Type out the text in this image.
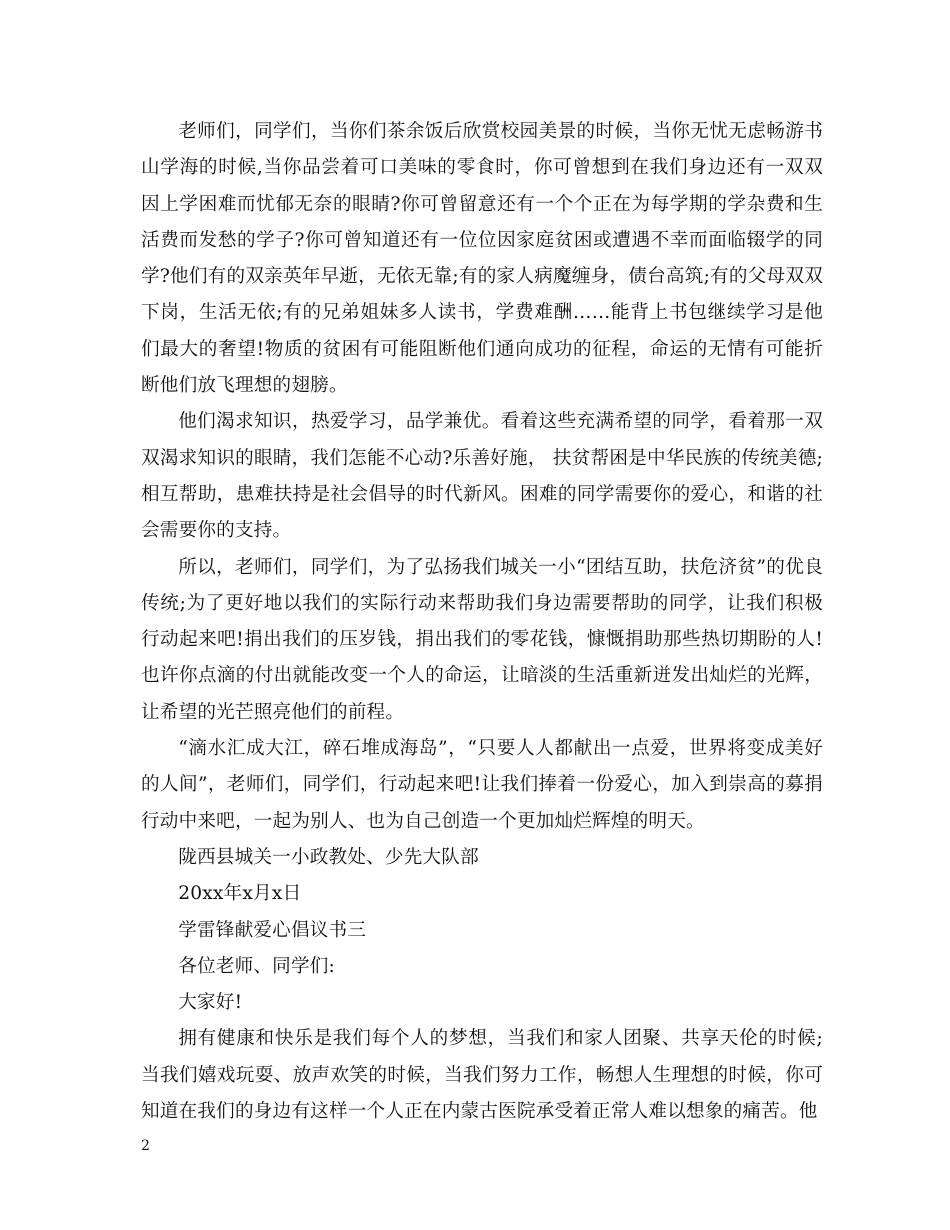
老师们，同学们，当你们茶余饭后欣赏校园美景的时候，当你无忧无虑畅游书山学海的时候,当你品尝着可口美味的零食时，你可曾想到在我们身边还有一双双因上学困难而忧郁无奈的眼睛?你可曾留意还有一个个正在为每学期的学杂费和生活费而发愁的学子?你可曾知道还有一位位因家庭贫困或遭遇不幸而面临辍学的同学?他们有的双亲英年早逝，无依无靠;有的家人病魔缠身，债台高筑;有的父母双双下岗，生活无依;有的兄弟姐妹多人读书，学费难酬……能背上书包继续学习是他们最大的奢望!物质的贫困有可能阻断他们通向成功的征程，命运的无情有可能折断他们放飞理想的翅膀。

他们渴求知识，热爱学习，品学兼优。看着这些充满希望的同学，看着那一双双渴求知识的眼睛，我们怎能不心动?乐善好施， 扶贫帮困是中华民族的传统美德;相互帮助，患难扶持是社会倡导的时代新风。困难的同学需要你的爱心，和谐的社会需要你的支持。

所以，老师们，同学们，为了弘扬我们城关一小“团结互助，扶危济贫”的优良传统;为了更好地以我们的实际行动来帮助我们身边需要帮助的同学，让我们积极行动起来吧!捐出我们的压岁钱，捐出我们的零花钱，慷慨捐助那些热切期盼的人!也许你点滴的付出就能改变一个人的命运，让暗淡的生活重新迸发出灿烂的光辉，让希望的光芒照亮他们的前程。

“滴水汇成大江，碎石堆成海岛”，“只要人人都献出一点爱，世界将变成美好的人间”，老师们，同学们，行动起来吧!让我们捧着一份爱心，加入到崇高的募捐行动中来吧，一起为别人、也为自己创造一个更加灿烂辉煌的明天。

陇西县城关一小政教处、少先大队部

20xx年x月x日

学雷锋献爱心倡议书三

各位老师、同学们:

大家好!

拥有健康和快乐是我们每个人的梦想，当我们和家人团聚、共享天伦的时候;当我们嬉戏玩耍、放声欢笑的时候，当我们努力工作，畅想人生理想的时候，你可知道在我们的身边有这样一个人正在内蒙古医院承受着正常人难以想象的痛苦。他

2
